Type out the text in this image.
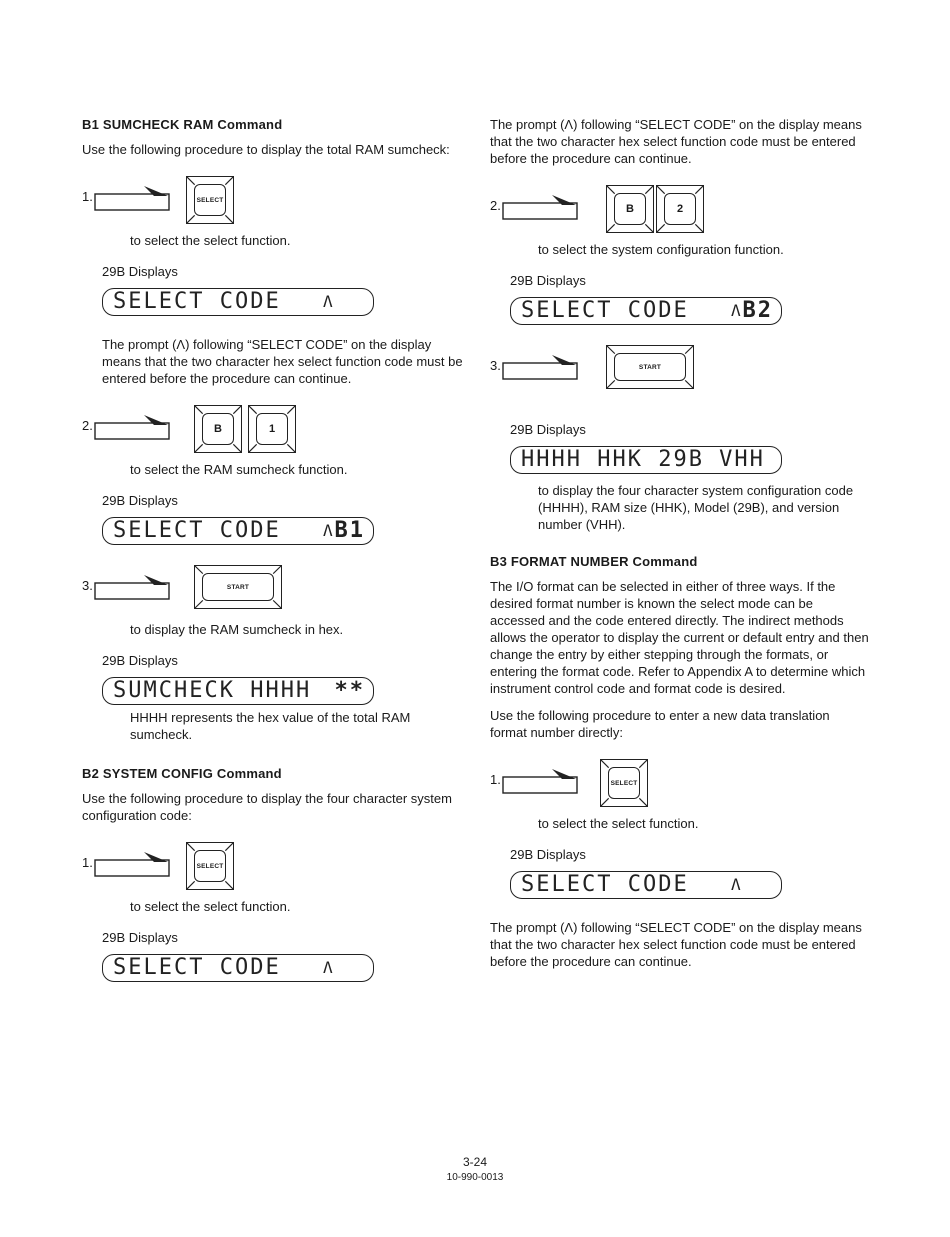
B1 SUMCHECK RAM Command
Use the following procedure to display the total RAM sumcheck:
1.	SELECT
to select the select function.
29B Displays
SELECT CODE	Λ
The prompt (Λ) following “SELECT CODE” on the display means that the two character hex select function code must be entered before the procedure can continue.
2.	B	1
to select the RAM sumcheck function.
29B Displays
SELECT CODE	Λ B1
3.	START
to display the RAM sumcheck in hex.
29B Displays
SUMCHECK HHHH **
HHHH represents the hex value of the total RAM sumcheck.
B2 SYSTEM CONFIG Command
Use the following procedure to display the four character system configuration code:
1.	SELECT
to select the select function.
29B Displays
SELECT CODE	Λ
The prompt (Λ) following “SELECT CODE” on the display means that the two character hex select function code must be entered before the procedure can continue.
2.	B	2
to select the system configuration function.
29B Displays
SELECT CODE	Λ B2
3.	START
29B Displays
HHHH HHK 29B VHH
to display the four character system configuration code (HHHH), RAM size (HHK), Model (29B), and version number (VHH).
B3 FORMAT NUMBER Command
The I/O format can be selected in either of three ways. If the desired format number is known the select mode can be accessed and the code entered directly. The indirect methods allows the operator to display the current or default entry and then change the entry by either stepping through the formats, or entering the format code. Refer to Appendix A to determine which instrument control code and format code is desired.
Use the following procedure to enter a new data translation format number directly:
1.	SELECT
to select the select function.
29B Displays
SELECT CODE	Λ
The prompt (Λ) following “SELECT CODE” on the display means that the two character hex select function code must be entered before the procedure can continue.
3-24
10-990-0013
